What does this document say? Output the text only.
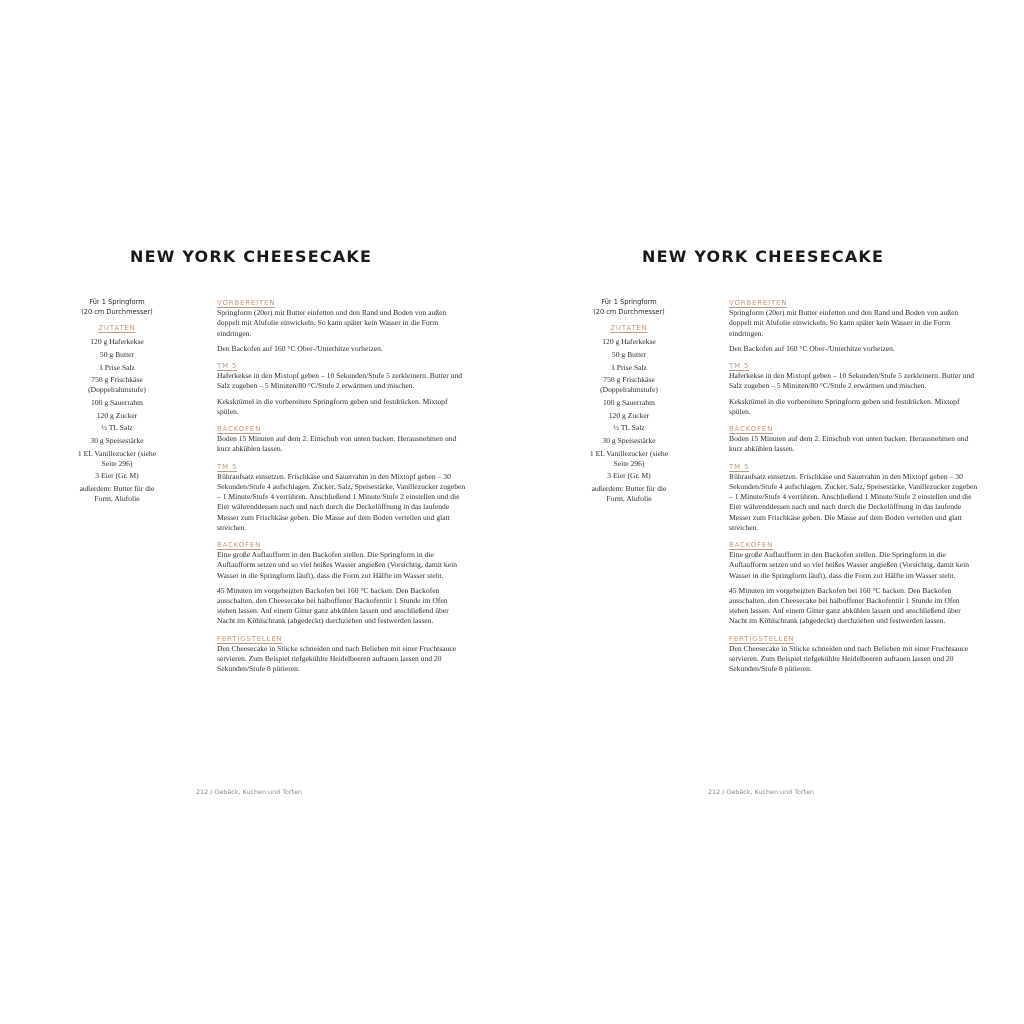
NEW YORK CHEESECAKE
Für 1 Springform
(20 cm Durchmesser)
ZUTATEN
120 g Haferkekse
50 g Butter
1 Prise Salz
750 g Frischkäse (Doppelrahmstufe)
100 g Sauerrahm
120 g Zucker
½ TL Salz
30 g Speisestärke
1 EL Vanillezucker (siehe Seite 296)
3 Eier (Gr. M)
außerdem: Butter für die Form, Alufolie
VORBEREITEN

Springform (20er) mit Butter einfetten und den Rand und Boden von außen doppelt mit Alufolie einwickeln. So kann später kein Wasser in die Form eindringen.

Den Backofen auf 160 °C Ober-/Unterhitze vorheizen.

TM 5

Haferkekse in den Mixtopf geben – 10 Sekunden/Stufe 5 zerkleinern. Butter und Salz zugeben – 5 Minuten/80 °C/Stufe 2 erwärmen und mischen.

Kekskrümel in die vorbereitete Springform geben und festdrücken. Mixtopf spülen.

BACKOFEN

Boden 15 Minuten auf dem 2. Einschub von unten backen. Herausnehmen und kurz abkühlen lassen.

TM 5

Rühraufsatz einsetzen. Frischkäse und Sauerrahm in den Mixtopf geben – 30 Sekunden/Stufe 4 aufschlagen. Zucker, Salz, Speisestärke, Vanillezucker zugeben – 1 Minute/Stufe 4 verrühren. Anschließend 1 Minute/Stufe 2 einstellen und die Eier währenddessen nach und nach durch die Deckelöffnung in das laufende Messer zum Frischkäse geben. Die Masse auf dem Boden verteilen und glatt streichen.

BACKOFEN

Eine große Auflaufform in den Backofen stellen. Die Springform in die Auflaufform setzen und so viel heißes Wasser angießen (Vorsichtig, damit kein Wasser in die Springform läuft), dass die Form zur Hälfte im Wasser steht.

45 Minuten im vorgeheizten Backofen bei 160 °C backen. Den Backofen ausschalten, den Cheesecake bei halboffener Backofentür 1 Stunde im Ofen stehen lassen. Auf einem Gitter ganz abkühlen lassen und anschließend über Nacht im Kühlschrank (abgedeckt) durchziehen und festwerden lassen.

FERTIGSTELLEN

Den Cheesecake in Stücke schneiden und nach Belieben mit einer Fruchtsauce servieren. Zum Beispiel tiefgekühlte Heidelbeeren auftauen lassen und 20 Sekunden/Stufe 8 pürieren.

212 / Gebäck, Kuchen und Torten
NEW YORK CHEESECAKE
Für 1 Springform
(20 cm Durchmesser)
ZUTATEN
120 g Haferkekse
50 g Butter
1 Prise Salz
750 g Frischkäse (Doppelrahmstufe)
100 g Sauerrahm
120 g Zucker
½ TL Salz
30 g Speisestärke
1 EL Vanillezucker (siehe Seite 296)
3 Eier (Gr. M)
außerdem: Butter für die Form, Alufolie
VORBEREITEN

Springform (20er) mit Butter einfetten und den Rand und Boden von außen doppelt mit Alufolie einwickeln. So kann später kein Wasser in die Form eindringen.

Den Backofen auf 160 °C Ober-/Unterhitze vorheizen.

TM 5

Haferkekse in den Mixtopf geben – 10 Sekunden/Stufe 5 zerkleinern. Butter und Salz zugeben – 5 Minuten/80 °C/Stufe 2 erwärmen und mischen.

Kekskrümel in die vorbereitete Springform geben und festdrücken. Mixtopf spülen.

BACKOFEN

Boden 15 Minuten auf dem 2. Einschub von unten backen. Herausnehmen und kurz abkühlen lassen.

TM 5

Rühraufsatz einsetzen. Frischkäse und Sauerrahm in den Mixtopf geben – 30 Sekunden/Stufe 4 aufschlagen. Zucker, Salz, Speisestärke, Vanillezucker zugeben – 1 Minute/Stufe 4 verrühren. Anschließend 1 Minute/Stufe 2 einstellen und die Eier währenddessen nach und nach durch die Deckelöffnung in das laufende Messer zum Frischkäse geben. Die Masse auf dem Boden verteilen und glatt streichen.

BACKOFEN

Eine große Auflaufform in den Backofen stellen. Die Springform in die Auflaufform setzen und so viel heißes Wasser angießen (Vorsichtig, damit kein Wasser in die Springform läuft), dass die Form zur Hälfte im Wasser steht.

45 Minuten im vorgeheizten Backofen bei 160 °C backen. Den Backofen ausschalten, den Cheesecake bei halboffener Backofentür 1 Stunde im Ofen stehen lassen. Auf einem Gitter ganz abkühlen lassen und anschließend über Nacht im Kühlschrank (abgedeckt) durchziehen und festwerden lassen.

FERTIGSTELLEN

Den Cheesecake in Stücke schneiden und nach Belieben mit einer Fruchtsauce servieren. Zum Beispiel tiefgekühlte Heidelbeeren auftauen lassen und 20 Sekunden/Stufe 8 pürieren.

212 / Gebäck, Kuchen und Torten
